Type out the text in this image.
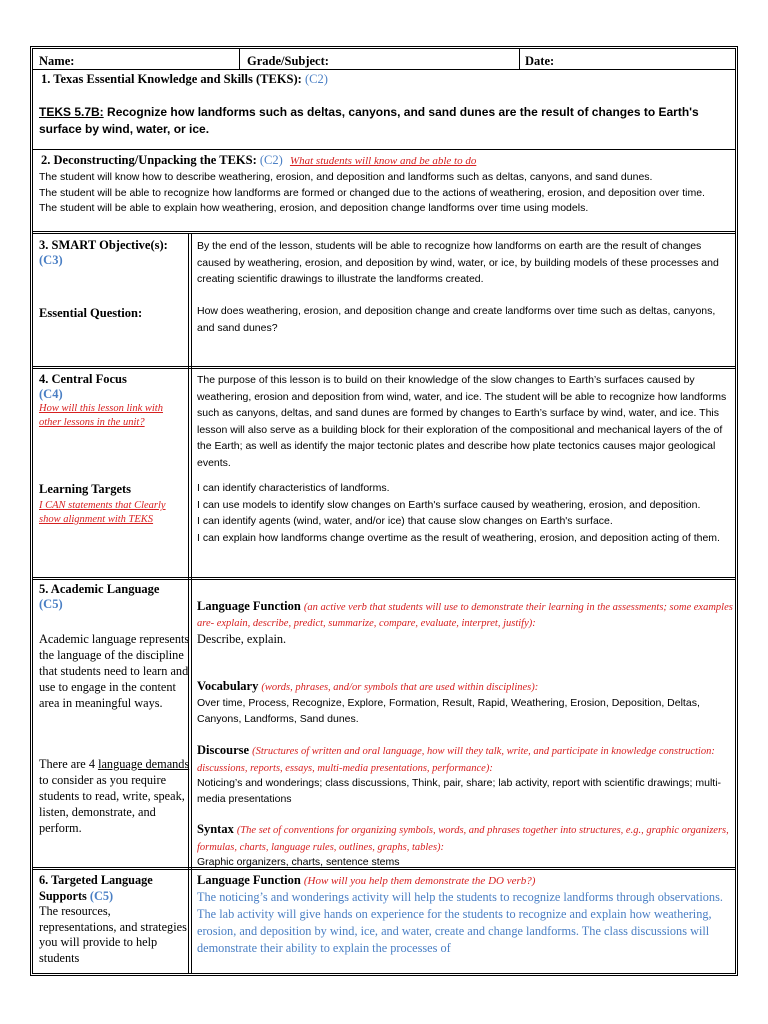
Name:	Grade/Subject:	Date:
1. Texas Essential Knowledge and Skills (TEKS): (C2)
TEKS 5.7B: Recognize how landforms such as deltas, canyons, and sand dunes are the result of changes to Earth's surface by wind, water, or ice.
2. Deconstructing/Unpacking the TEKS: (C2) What students will know and be able to do

The student will know how to describe weathering, erosion, and deposition and landforms such as deltas, canyons, and sand dunes.

The student will be able to recognize how landforms are formed or changed due to the actions of weathering, erosion, and deposition over time.

The student will be able to explain how weathering, erosion, and deposition change landforms over time using models.

3. SMART Objective(s): (C3)
Essential Question:
By the end of the lesson, students will be able to recognize how landforms on earth are the result of changes caused by weathering, erosion, and deposition by wind, water, or ice, by building models of these processes and creating scientific drawings to illustrate the landforms created.
How does weathering, erosion, and deposition change and create landforms over time such as deltas, canyons, and sand dunes?
4. Central Focus
(C4)
How will this lesson link with other lessons in the unit?
Learning Targets
I CAN statements that Clearly show alignment with TEKS
The purpose of this lesson is to build on their knowledge of the slow changes to Earth’s surfaces caused by weathering, erosion and deposition from wind, water, and ice. The student will be able to recognize how landforms such as canyons, deltas, and sand dunes are formed by changes to Earth’s surface by wind, water, and ice. This lesson will also serve as a building block for their exploration of the compositional and mechanical layers of the of the Earth; as well as identify the major tectonic plates and describe how plate tectonics causes major geological events.

I can identify characteristics of landforms.

I can use models to identify slow changes on Earth's surface caused by weathering, erosion, and deposition.

I can identify agents (wind, water, and/or ice) that cause slow changes on Earth's surface.

I can explain how landforms change overtime as the result of weathering, erosion, and deposition acting of them.

5. Academic Language
(C5)
Academic language represents the language of the discipline that students need to learn and use to engage in the content area in meaningful ways.
There are 4 language demands to consider as you require students to read, write, speak, listen, demonstrate, and perform.
Language Function (an active verb that students will use to demonstrate their learning in the assessments; some examples are- explain, describe, predict, summarize, compare, evaluate, interpret, justify):
Describe, explain.
Vocabulary (words, phrases, and/or symbols that are used within disciplines):
Over time, Process, Recognize, Explore, Formation, Result, Rapid, Weathering, Erosion, Deposition, Deltas, Canyons, Landforms, Sand dunes.
Discourse (Structures of written and oral language, how will they talk, write, and participate in knowledge construction: discussions, reports, essays, multi-media presentations, performance):
Noticing’s and wonderings; class discussions, Think, pair, share; lab activity, report with scientific drawings; multi-media presentations
Syntax (The set of conventions for organizing symbols, words, and phrases together into structures, e.g., graphic organizers, formulas, charts, language rules, outlines, graphs, tables):
Graphic organizers, charts, sentence stems
6. Targeted Language Supports (C5)
The resources, representations, and strategies you will provide to help students
Language Function (How will you help them demonstrate the DO verb?)
The noticing’s and wonderings activity will help the students to recognize landforms through observations. The lab activity will give hands on experience for the students to recognize and explain how weathering, erosion, and deposition by wind, ice, and water, create and change landforms. The class discussions will demonstrate their ability to explain the processes of
